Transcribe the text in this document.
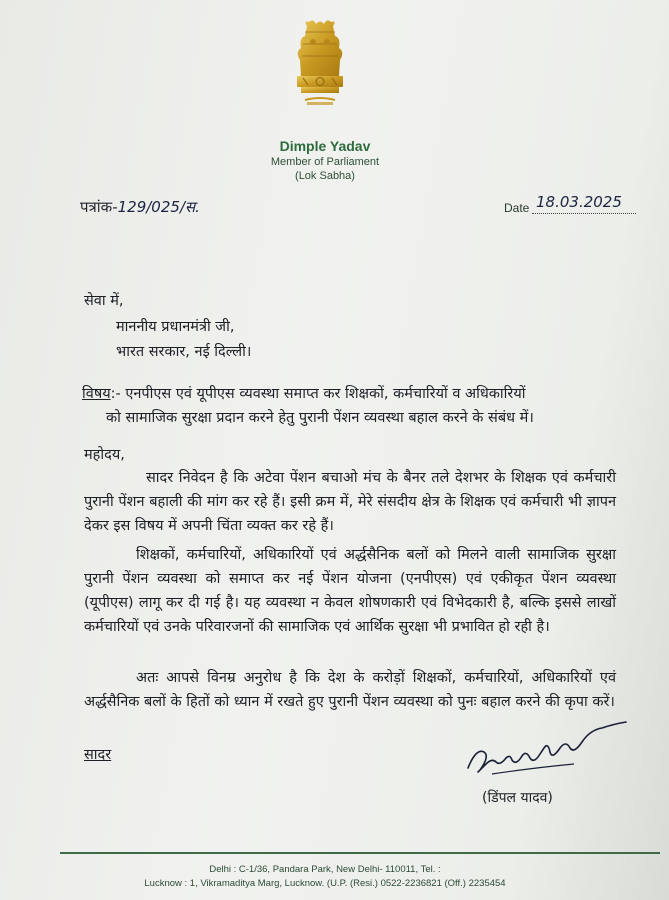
Dimple Yadav
Member of Parliament
(Lok Sabha)
पत्रांक-129/025/स.	Date 18.03.2025
सेवा में,
माननीय प्रधानमंत्री जी,
भारत सरकार, नई दिल्ली।
विषय:- एनपीएस एवं यूपीएस व्यवस्था समाप्त कर शिक्षकों, कर्मचारियों व अधिकारियों
को सामाजिक सुरक्षा प्रदान करने हेतु पुरानी पेंशन व्यवस्था बहाल करने के संबंध में।
महोदय,
सादर निवेदन है कि अटेवा पेंशन बचाओ मंच के बैनर तले देशभर के शिक्षक एवं कर्मचारी पुरानी पेंशन बहाली की मांग कर रहे हैं। इसी क्रम में, मेरे संसदीय क्षेत्र के शिक्षक एवं कर्मचारी भी ज्ञापन देकर इस विषय में अपनी चिंता व्यक्त कर रहे हैं।
शिक्षकों, कर्मचारियों, अधिकारियों एवं अर्द्धसैनिक बलों को मिलने वाली सामाजिक सुरक्षा पुरानी पेंशन व्यवस्था को समाप्त कर नई पेंशन योजना (एनपीएस) एवं एकीकृत पेंशन व्यवस्था (यूपीएस) लागू कर दी गई है। यह व्यवस्था न केवल शोषणकारी एवं विभेदकारी है, बल्कि इससे लाखों कर्मचारियों एवं उनके परिवारजनों की सामाजिक एवं आर्थिक सुरक्षा भी प्रभावित हो रही है।
अतः आपसे विनम्र अनुरोध है कि देश के करोड़ों शिक्षकों, कर्मचारियों, अधिकारियों एवं अर्द्धसैनिक बलों के हितों को ध्यान में रखते हुए पुरानी पेंशन व्यवस्था को पुनः बहाल करने की कृपा करें।
सादर
(डिंपल यादव)
Delhi : C-1/36, Pandara Park, New Delhi- 110011, Tel. :
Lucknow : 1, Vikramaditya Marg, Lucknow. (U.P. (Resi.) 0522-2236821 (Off.) 2235454
